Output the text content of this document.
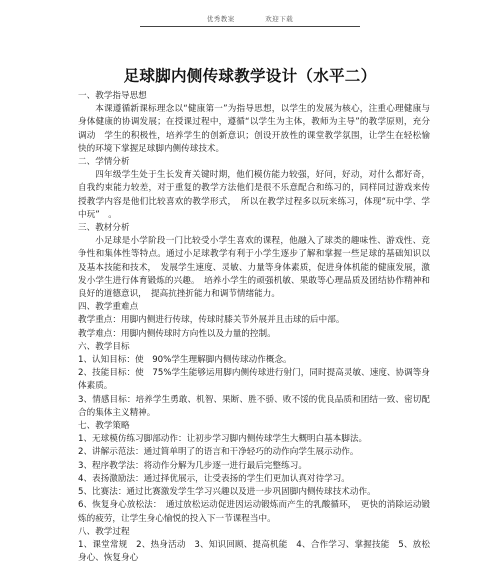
优秀教案	欢迎下载
足球脚内侧传球教学设计（水平二）

一、教学指导思想

本课遵循新课标理念以“健康第一”为指导思想，以学生的发展为核心，注重心理健康与身体健康的协调发展；在授课过程中，遵循“以学生为主体，教师为主导”的教学原则，充分调动　学生的积极性，培养学生的创新意识；创设开放性的课堂教学氛围，让学生在轻松愉快的环境下掌握足球脚内侧传球技术。

二、学情分析

四年级学生处于生长发育关键时期，他们模仿能力较强，好问，好动，对什么都好奇，自我约束能力较差，对于重复的教学方法他们是很不乐意配合和练习的，同样同过游戏来传授教学内容是他们比较喜欢的教学形式，　所以在教学过程多以玩来练习，体现“玩中学、学中玩”　。

三、教材分析

小足球是小学阶段一门比较受小学生喜欢的课程，他融入了球类的趣味性、游戏性、竞争性和集体性等特点。通过小足球教学有利于小学生逐步了解和掌握一些足球的基础知识以及基本技能和技术，　发展学生速度、灵敏、力量等身体素质，促进身体机能的健康发展，激发小学生进行体育锻炼的兴趣。　培养小学生的顽强机敏、果敢等心理品质及团结协作精神和良好的道德意识，　提高抗挫折能力和调节情绪能力。

四、教学重难点

教学重点：用脚内侧进行传球，传球时膝关节外展并且击球的后中部。

教学难点：用脚内侧传球时方向性以及力量的控制。

六、教学目标

1、认知目标：使　90%学生理解脚内侧传球动作概念。

2、技能目标：使　75%学生能够运用脚内侧传球进行射门，同时提高灵敏、速度、协调等身体素质。

3、情感目标：培养学生勇敢、机智、果断、胜不骄、败不馁的优良品质和团结一致、密切配合的集体主义精神。

七、教学策略

1、无球模仿练习脚部动作：让初步学习脚内侧传球学生大概明白基本脚法。

2、讲解示范法：通过简单明了的语言和干净轻巧的动作向学生展示动作。

3、程序教学法：将动作分解为几步逐一进行最后完整练习。

4、表扬激励法：通过择优展示，让受表扬的学生们更加认真对待学习。

5、比赛法：通过比赛激发学生学习兴趣以及进一步巩固脚内侧传球技术动作。

6、恢复身心放松法：　通过放松运动促进因运动锻炼而产生的乳酸循环，　更快的消除运动锻炼的疲劳，让学生身心愉悦的投入下一节课程当中。

八、教学过程

1、课堂常规　2、热身活动　3、知识回顾、提高机能　4、合作学习、掌握技能　5、放松身心、恢复身心
